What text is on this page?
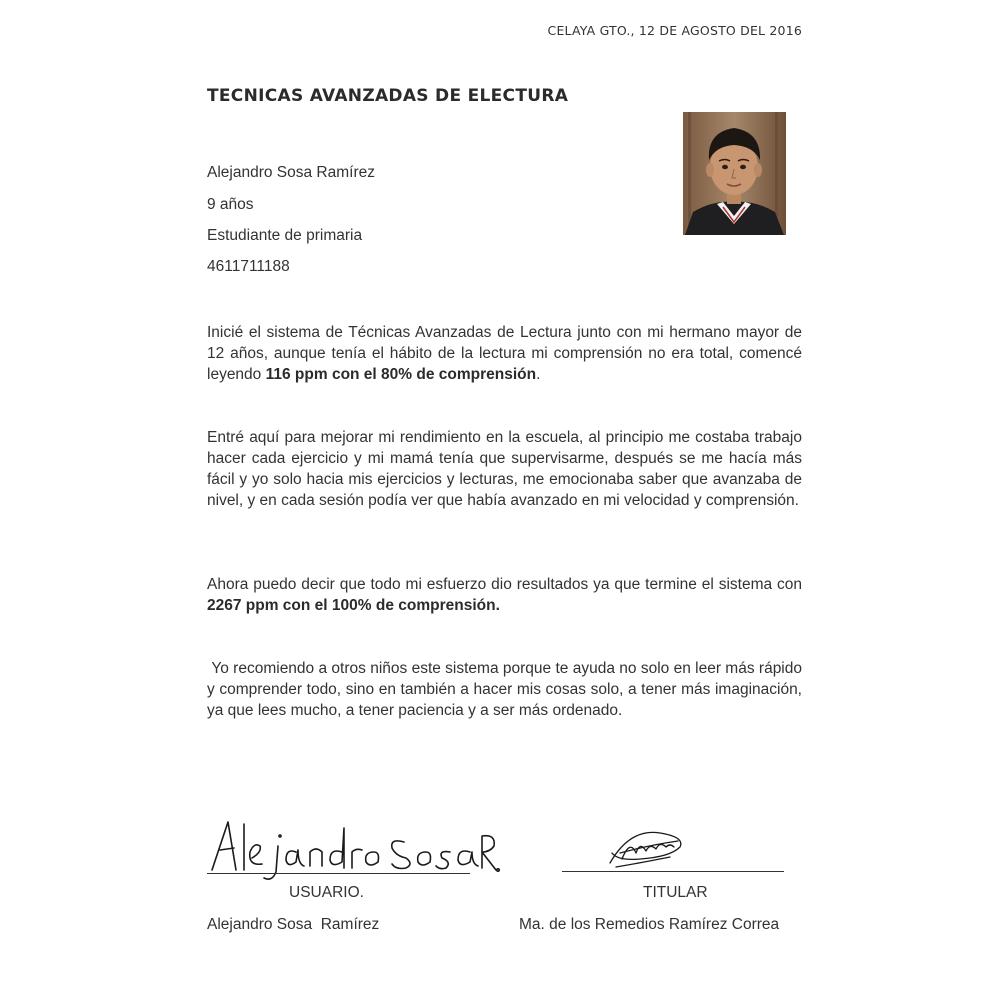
CELAYA GTO., 12 DE AGOSTO DEL 2016
TECNICAS AVANZADAS DE ELECTURA
Alejandro Sosa Ramírez
9 años
Estudiante de primaria
4611711188
Inicié el sistema de Técnicas Avanzadas de Lectura junto con mi hermano mayor de 12 años, aunque tenía el hábito de la lectura mi comprensión no era total, comencé leyendo 116 ppm con el 80% de comprensión.
Entré aquí para mejorar mi rendimiento en la escuela, al principio me costaba trabajo hacer cada ejercicio y mi mamá tenía que supervisarme, después se me hacía más fácil y yo solo hacia mis ejercicios y lecturas, me emocionaba saber que avanzaba de nivel, y en cada sesión podía ver que había avanzado en mi velocidad y comprensión.
Ahora puedo decir que todo mi esfuerzo dio resultados ya que termine el sistema con 2267 ppm con el 100% de comprensión.
Yo recomiendo a otros niños este sistema porque te ayuda no solo en leer más rápido y comprender todo, sino en también a hacer mis cosas solo, a tener más imaginación, ya que lees mucho, a tener paciencia y a ser más ordenado.
USUARIO.	TITULAR
Alejandro Sosa  Ramírez	Ma. de los Remedios Ramírez Correa
